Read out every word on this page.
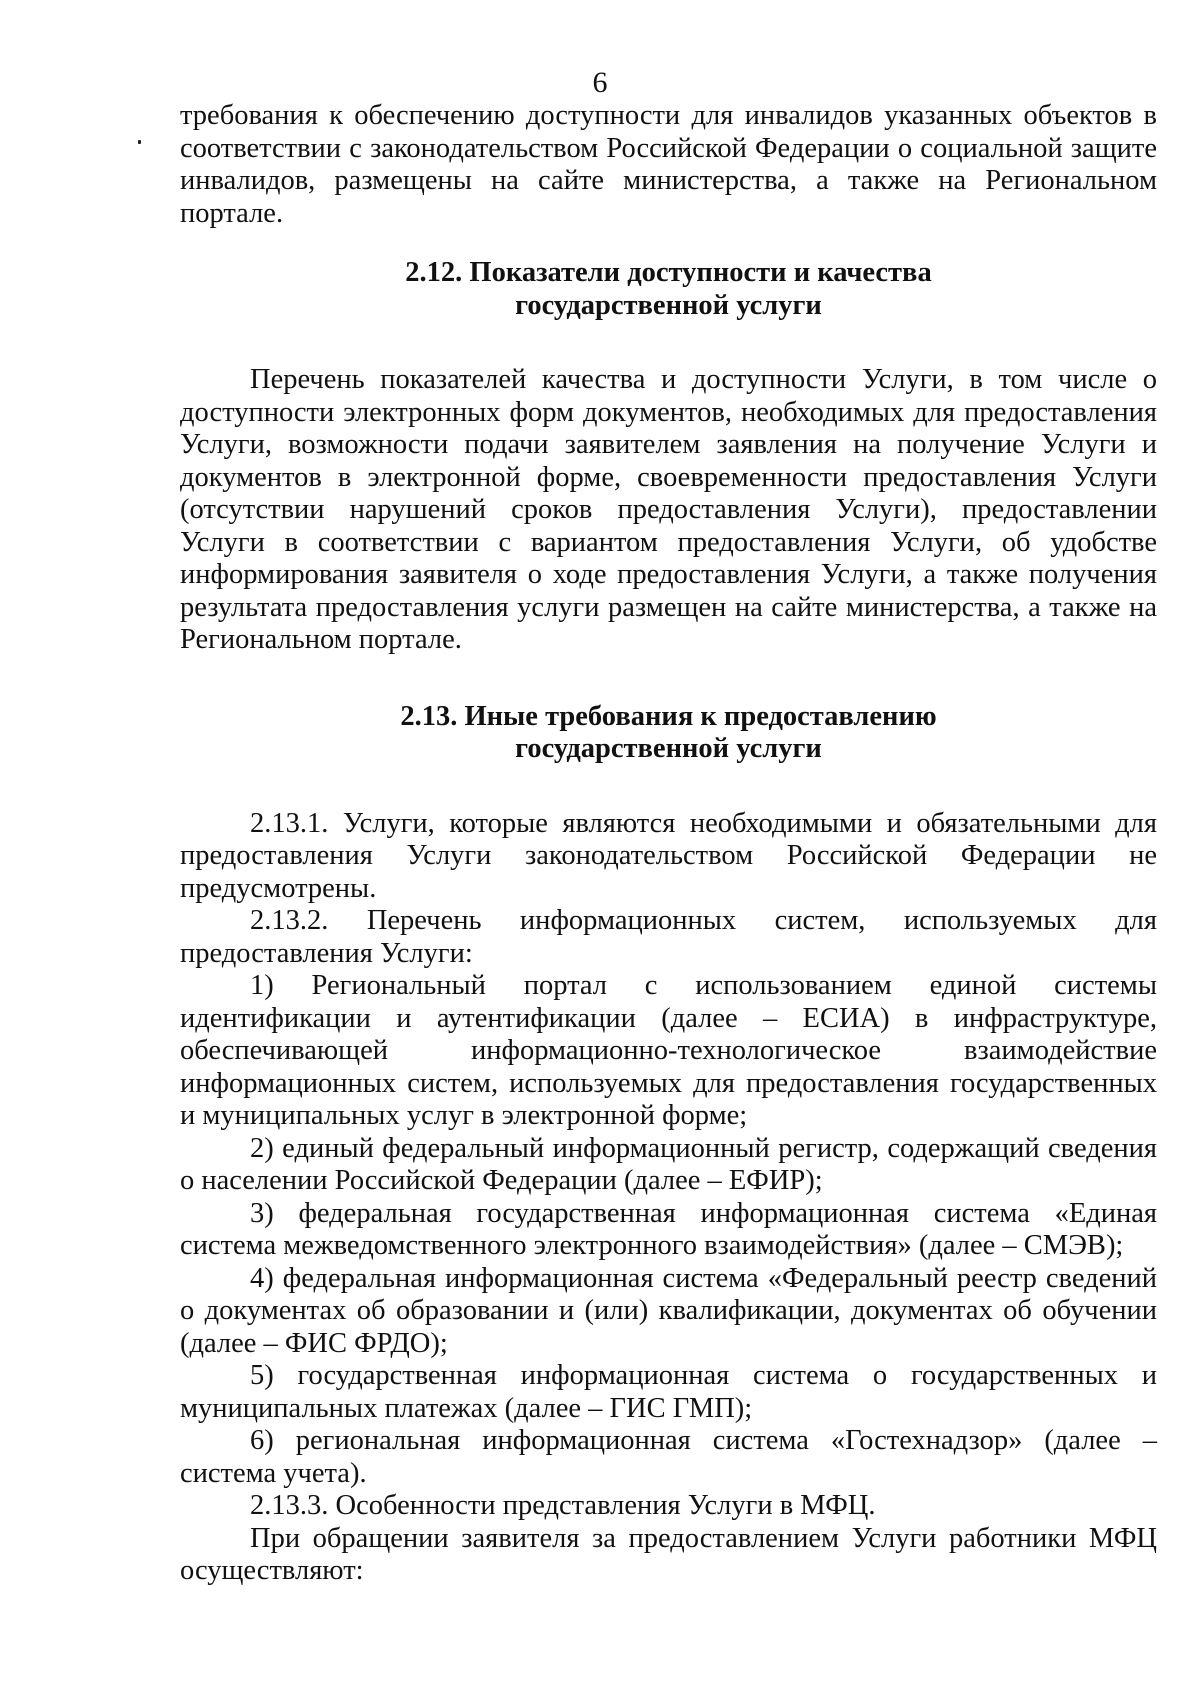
6

требования к обеспечению доступности для инвалидов указанных объектов в соответствии с законодательством Российской Федерации о социальной защите инвалидов, размещены на сайте министерства, а также на Региональном портале.

2.12. Показатели доступности и качества
государственной услуги

Перечень показателей качества и доступности Услуги, в том числе о доступности электронных форм документов, необходимых для предоставления Услуги, возможности подачи заявителем заявления на получение Услуги и документов в электронной форме, своевременности предоставления Услуги (отсутствии нарушений сроков предоставления Услуги), предоставлении Услуги в соответствии с вариантом предоставления Услуги, об удобстве информирования заявителя о ходе предоставления Услуги, а также получения результата предоставления услуги размещен на сайте министерства, а также на Региональном портале.

2.13. Иные требования к предоставлению
государственной услуги

2.13.1. Услуги, которые являются необходимыми и обязательными для предоставления Услуги законодательством Российской Федерации не предусмотрены.

2.13.2. Перечень информационных систем, используемых для предоставления Услуги:

1) Региональный портал с использованием единой системы идентификации и аутентификации (далее – ЕСИА) в инфраструктуре, обеспечивающей информационно-технологическое взаимодействие информационных систем, используемых для предоставления государственных и муниципальных услуг в электронной форме;

2) единый федеральный информационный регистр, содержащий сведения о населении Российской Федерации (далее – ЕФИР);

3) федеральная государственная информационная система «Единая система межведомственного электронного взаимодействия» (далее – СМЭВ);

4) федеральная информационная система «Федеральный реестр сведений о документах об образовании и (или) квалификации, документах об обучении (далее – ФИС ФРДО);

5) государственная информационная система о государственных и муниципальных платежах (далее – ГИС ГМП);

6) региональная информационная система «Гостехнадзор» (далее – система учета).

2.13.3. Особенности представления Услуги в МФЦ.

При обращении заявителя за предоставлением Услуги работники МФЦ осуществляют:
